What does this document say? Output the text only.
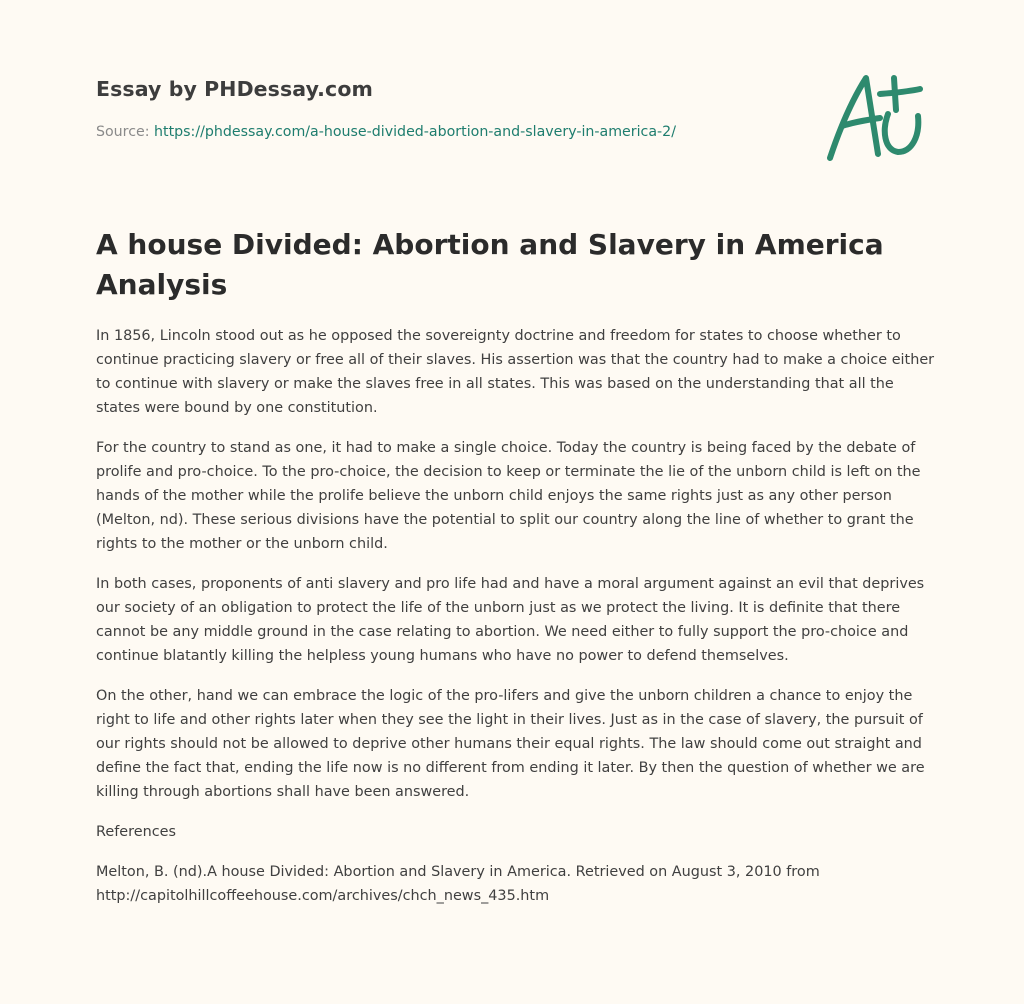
Essay by PHDessay.com
Source: https://phdessay.com/a-house-divided-abortion-and-slavery-in-america-2/
A house Divided: Abortion and Slavery in America Analysis

In 1856, Lincoln stood out as he opposed the sovereignty doctrine and freedom for states to choose whether to continue practicing slavery or free all of their slaves. His assertion was that the country had to make a choice either to continue with slavery or make the slaves free in all states. This was based on the understanding that all the states were bound by one constitution.

For the country to stand as one, it had to make a single choice. Today the country is being faced by the debate of prolife and pro-choice. To the pro-choice, the decision to keep or terminate the lie of the unborn child is left on the hands of the mother while the prolife believe the unborn child enjoys the same rights just as any other person (Melton, nd). These serious divisions have the potential to split our country along the line of whether to grant the rights to the mother or the unborn child.

In both cases, proponents of anti slavery and pro life had and have a moral argument against an evil that deprives our society of an obligation to protect the life of the unborn just as we protect the living. It is definite that there cannot be any middle ground in the case relating to abortion. We need either to fully support the pro-choice and continue blatantly killing the helpless young humans who have no power to defend themselves.

On the other, hand we can embrace the logic of the pro-lifers and give the unborn children a chance to enjoy the right to life and other rights later when they see the light in their lives. Just as in the case of slavery, the pursuit of our rights should not be allowed to deprive other humans their equal rights. The law should come out straight and define the fact that, ending the life now is no different from ending it later. By then the question of whether we are killing through abortions shall have been answered.

References

Melton, B. (nd).A house Divided: Abortion and Slavery in America. Retrieved on August 3, 2010 from http://capitolhillcoffeehouse.com/archives/chch_news_435.htm
